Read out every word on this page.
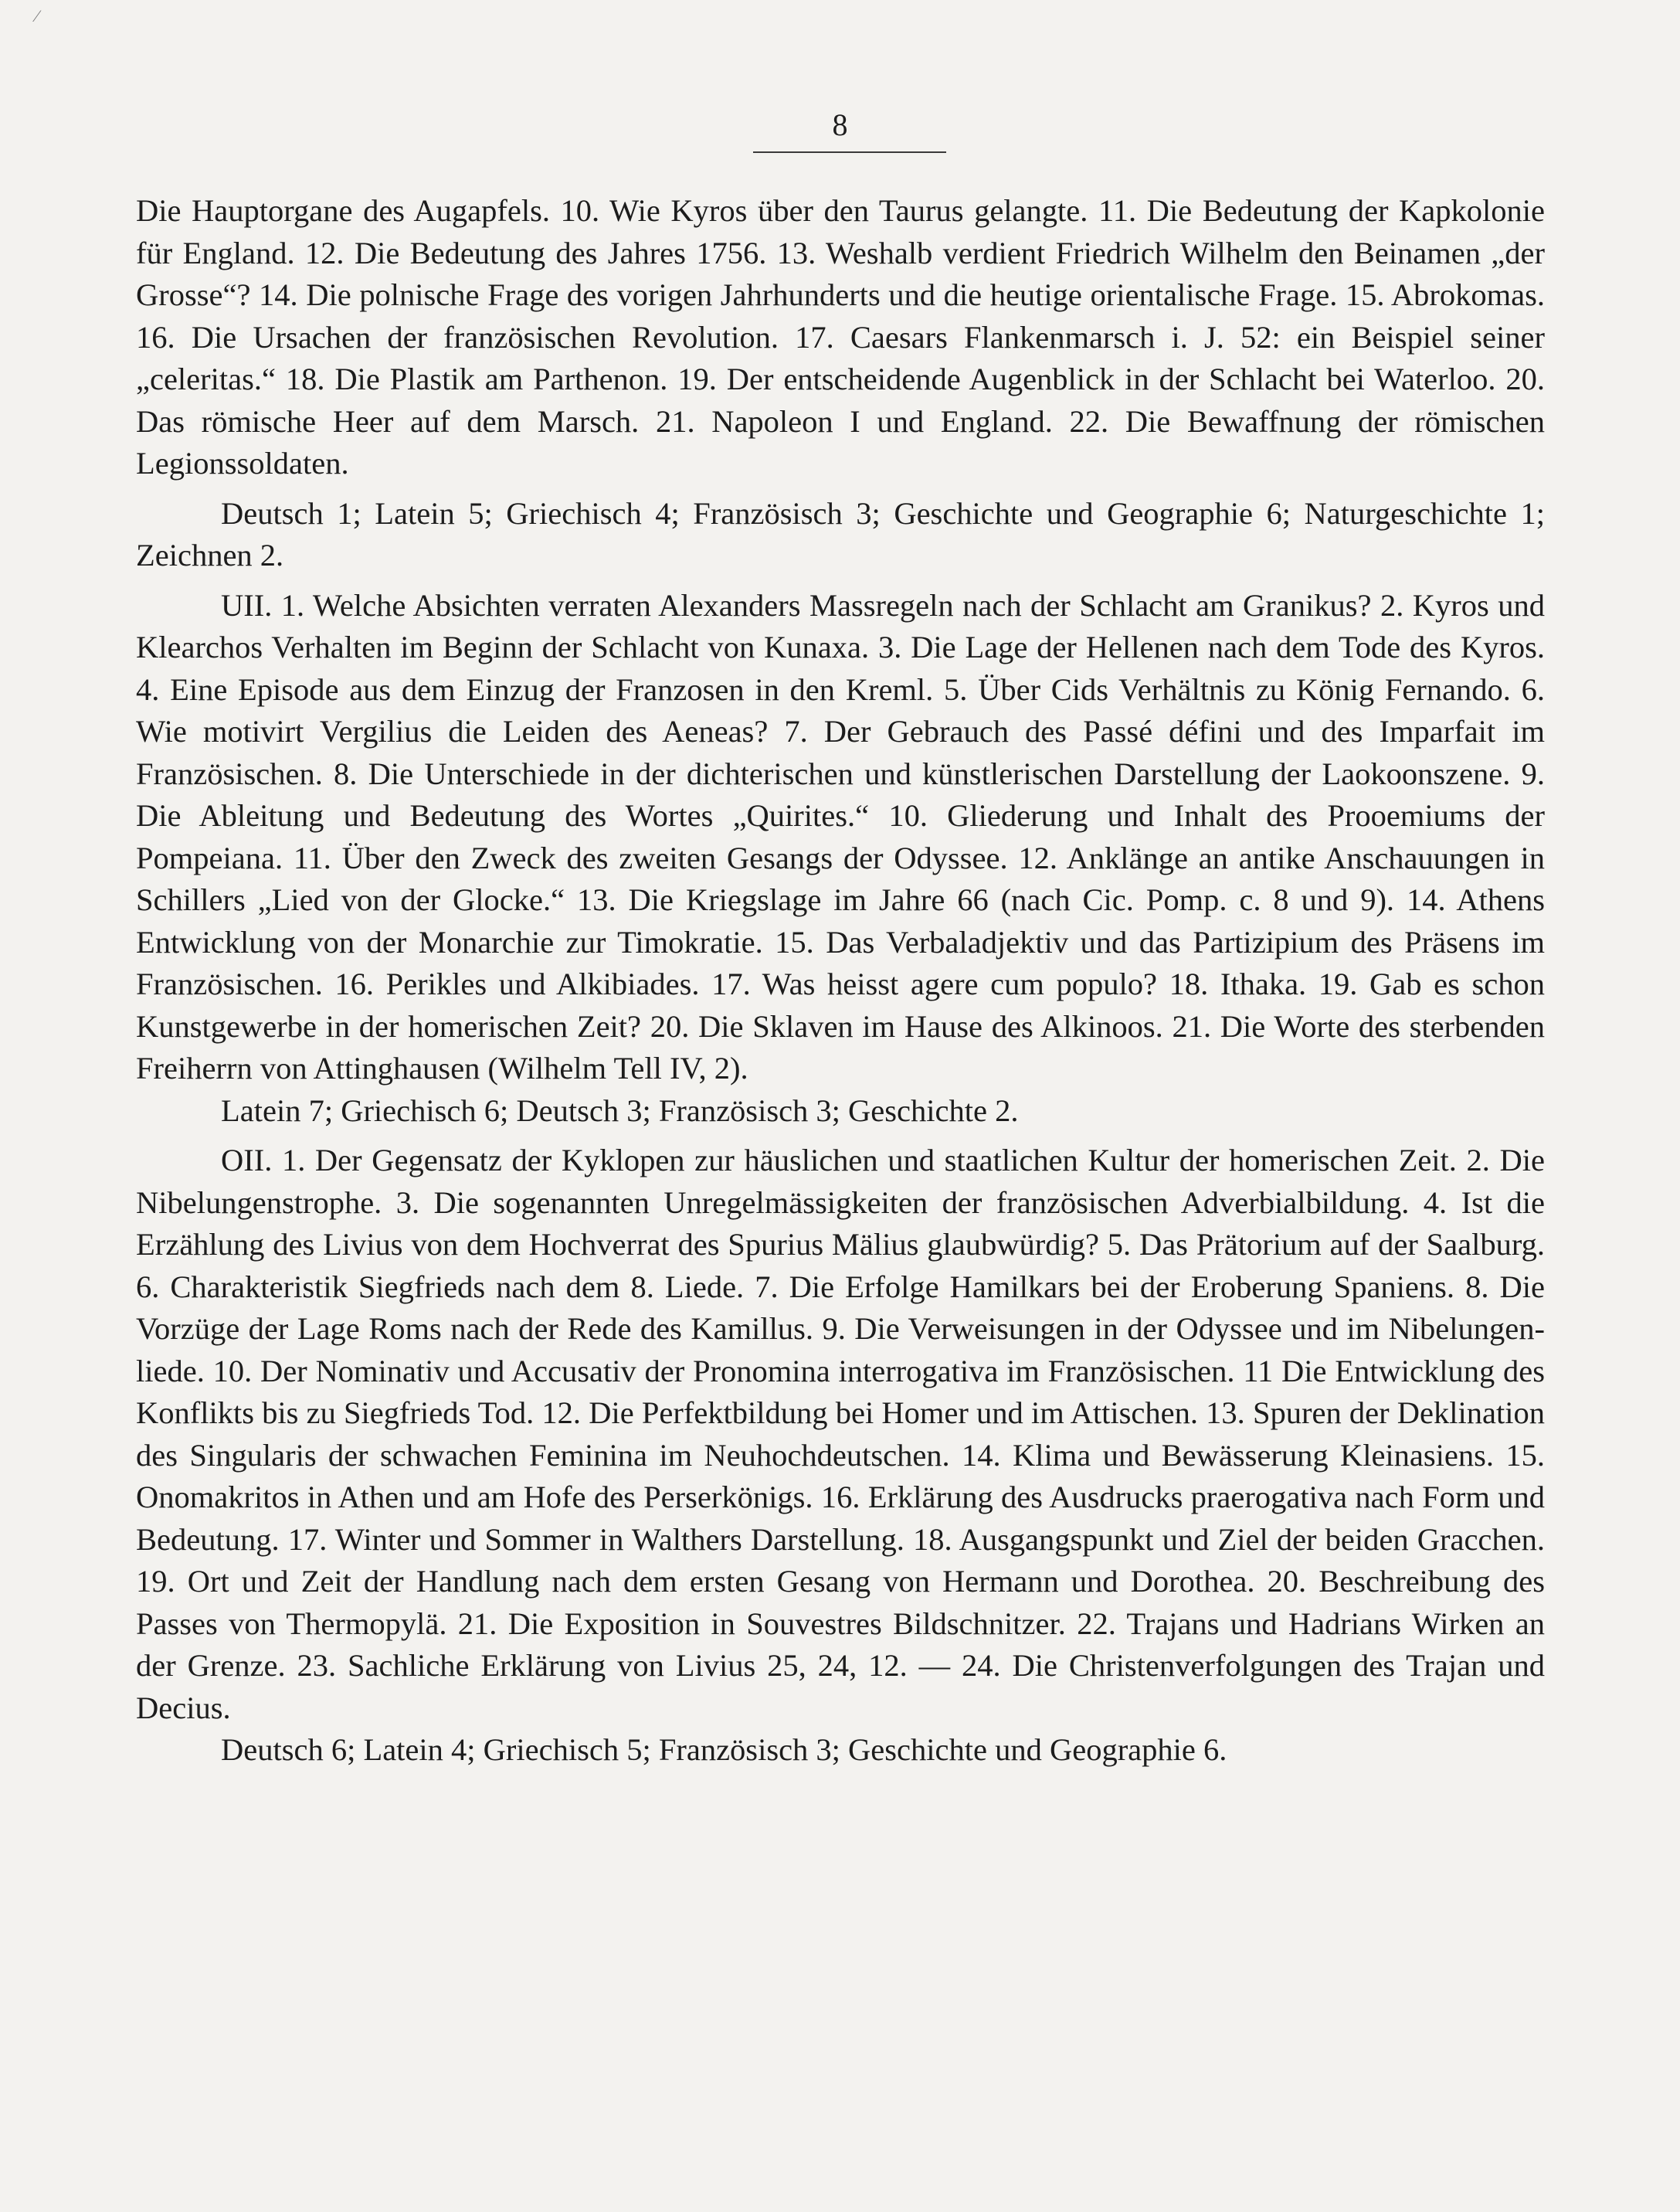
⁄
8

Die Hauptorgane des Augapfels. 10. Wie Kyros über den Taurus gelangte. 11. Die Bedeutung der Kapkolonie für England. 12. Die Bedeutung des Jahres 1756. 13. Weshalb verdient Friedrich Wilhelm den Beinamen „der Grosse“? 14. Die polnische Frage des vorigen Jahrhunderts und die heutige orientalische Frage. 15. Abrokomas. 16. Die Ursachen der französischen Revolution. 17. Caesars Flankenmarsch i. J. 52: ein Beispiel seiner „celeritas.“ 18. Die Plastik am Parthenon. 19. Der entscheidende Augenblick in der Schlacht bei Waterloo. 20. Das römische Heer auf dem Marsch. 21. Napoleon I und England. 22. Die Bewaffnung der römischen Legionssoldaten.

Deutsch 1; Latein 5; Griechisch 4; Französisch 3; Geschichte und Geographie 6; Naturgeschichte 1; Zeichnen 2.

UII. 1. Welche Absichten verraten Alexanders Massregeln nach der Schlacht am Granikus? 2. Kyros und Klearchos Verhalten im Beginn der Schlacht von Kunaxa. 3. Die Lage der Hellenen nach dem Tode des Kyros. 4. Eine Episode aus dem Einzug der Franzosen in den Kreml. 5. Über Cids Verhältnis zu König Fernando. 6. Wie motivirt Vergilius die Leiden des Aeneas? 7. Der Gebrauch des Passé défini und des Imparfait im Französischen. 8. Die Unterschiede in der dichterischen und künstlerischen Darstellung der Laokoonszene. 9. Die Ableitung und Bedeutung des Wortes „Quirites.“ 10. Gliederung und Inhalt des Prooemiums der Pompeiana. 11. Über den Zweck des zweiten Gesangs der Odyssee. 12. Anklänge an antike Anschauungen in Schillers „Lied von der Glocke.“ 13. Die Kriegslage im Jahre 66 (nach Cic. Pomp. c. 8 und 9). 14. Athens Entwicklung von der Monarchie zur Timokratie. 15. Das Verbaladjektiv und das Partizipium des Präsens im Französischen. 16. Perikles und Alkibiades. 17. Was heisst agere cum populo? 18. Ithaka. 19. Gab es schon Kunstgewerbe in der homerischen Zeit? 20. Die Sklaven im Hause des Alkinoos. 21. Die Worte des sterbenden Freiherrn von Attinghausen (Wilhelm Tell IV, 2).

Latein 7; Griechisch 6; Deutsch 3; Französisch 3; Geschichte 2.

OII. 1. Der Gegensatz der Kyklopen zur häuslichen und staatlichen Kultur der homerischen Zeit. 2. Die Nibelungenstrophe. 3. Die sogenannten Unregelmässigkeiten der französischen Adverbialbildung. 4. Ist die Erzählung des Livius von dem Hochverrat des Spurius Mälius glaubwürdig? 5. Das Prätorium auf der Saalburg. 6. Charakteristik Siegfrieds nach dem 8. Liede. 7. Die Erfolge Hamilkars bei der Eroberung Spaniens. 8. Die Vorzüge der Lage Roms nach der Rede des Kamillus. 9. Die Verweisungen in der Odyssee und im Nibelungenliede. 10. Der Nominativ und Accusativ der Pronomina interrogativa im Französischen. 11 Die Entwicklung des Konflikts bis zu Siegfrieds Tod. 12. Die Perfektbildung bei Homer und im Attischen. 13. Spuren der Deklination des Singularis der schwachen Feminina im Neuhochdeutschen. 14. Klima und Bewässerung Kleinasiens. 15. Onomakritos in Athen und am Hofe des Perserkönigs. 16. Erklärung des Ausdrucks praerogativa nach Form und Bedeutung. 17. Winter und Sommer in Walthers Darstellung. 18. Ausgangspunkt und Ziel der beiden Gracchen. 19. Ort und Zeit der Handlung nach dem ersten Gesang von Hermann und Dorothea. 20. Beschreibung des Passes von Thermopylä. 21. Die Exposition in Souvestres Bildschnitzer. 22. Trajans und Hadrians Wirken an der Grenze. 23. Sachliche Erklärung von Livius 25, 24, 12. — 24. Die Christenverfolgungen des Trajan und Decius.

Deutsch 6; Latein 4; Griechisch 5; Französisch 3; Geschichte und Geographie 6.
